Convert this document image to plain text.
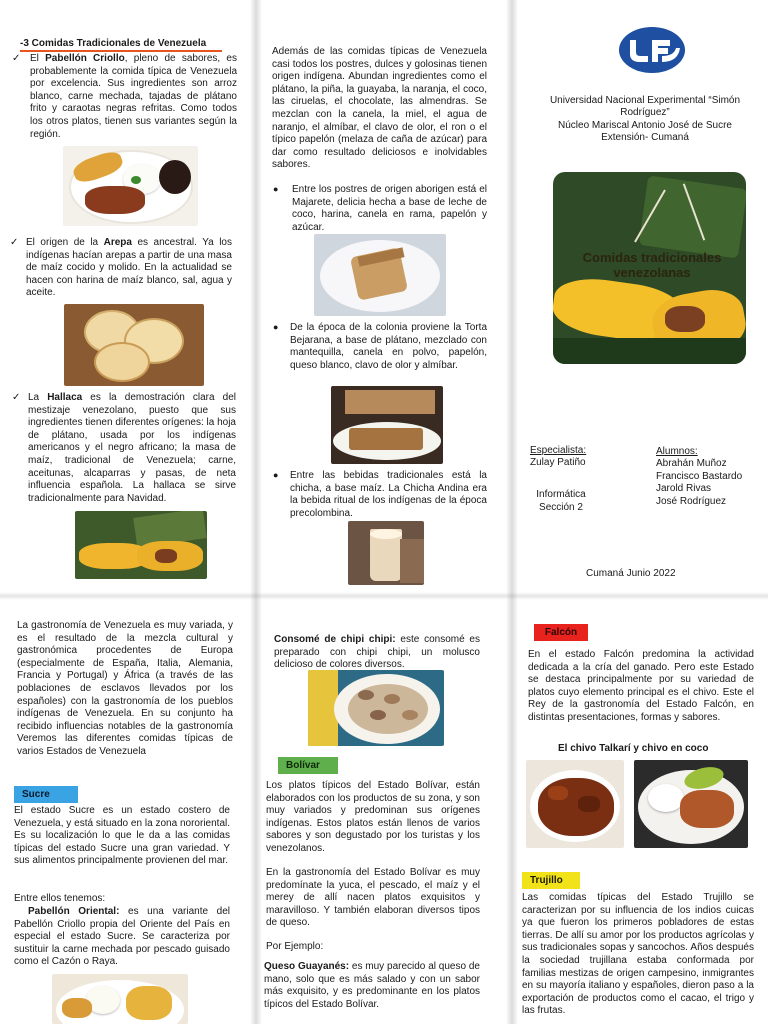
-3 Comidas Tradicionales de Venezuela
✓ El Pabellón Criollo, pleno de sabores, es probablemente la comida típica de Venezuela por excelencia. Sus ingredientes son arroz blanco, carne mechada, tajadas de plátano frito y caraotas negras refritas. Como todos los otros platos, tienen sus variantes según la región.

✓ El origen de la Arepa es ancestral. Ya los indígenas hacían arepas a partir de una masa de maíz cocido y molido. En la actualidad se hacen con harina de maíz blanco, sal, agua y aceite.

✓ La Hallaca es la demostración clara del mestizaje venezolano, puesto que sus ingredientes tienen diferentes orígenes: la hoja de plátano, usada por los indígenas americanos y el negro africano; la masa de maíz, tradicional de Venezuela; carne, aceitunas, alcaparras y pasas, de neta influencia española. La hallaca se sirve tradicionalmente para Navidad.

Además de las comidas típicas de Venezuela casi todos los postres, dulces y golosinas tienen origen indígena. Abundan ingredientes como el plátano, la piña, la guayaba, la naranja, el coco, las ciruelas, el chocolate, las almendras. Se mezclan con la canela, la miel, el agua de naranjo, el almíbar, el clavo de olor, el ron o el típico papelón (melaza de caña de azúcar) para dar como resultado deliciosos e inolvidables sabores.

● Entre los postres de origen aborigen está el Majarete, delicia hecha a base de leche de coco, harina, canela en rama, papelón y azúcar.

● De la época de la colonia proviene la Torta Bejarana, a base de plátano, mezclado con mantequilla, canela en polvo, papelón, queso blanco, clavo de olor y almíbar.

● Entre las bebidas tradicionales está la chicha, a base maíz. La Chicha Andina era la bebida ritual de los indígenas de la época precolombina.

Universidad Nacional Experimental “Simón Rodríguez”
Núcleo Mariscal Antonio José de Sucre
Extensión- Cumaná
Comidas tradicionales venezolanas
Especialista:
Zulay Patiño
Alumnos:
Abrahán Muñoz
Francisco Bastardo
Jarold Rivas
José Rodríguez
Informática
Sección 2
Cumaná Junio 2022

La gastronomía de Venezuela es muy variada, y es el resultado de la mezcla cultural y gastronómica procedentes de Europa (especialmente de España, Italia, Alemania, Francia y Portugal) y África (a través de las poblaciones de esclavos llevados por los españoles) con la gastronomía de los pueblos indígenas de Venezuela. En su conjunto ha recibido influencias notables de la gastronomía Veremos las diferentes comidas típicas de varios Estados de Venezuela

Sucre

El estado Sucre es un estado costero de Venezuela, y está situado en la zona nororiental. Es su localización lo que le da a las comidas típicas del estado Sucre una gran variedad. Y sus alimentos principalmente provienen del mar.

Entre ellos tenemos:

Pabellón Oriental: es una variante del Pabellón Criollo propia del Oriente del País en especial el estado Sucre. Se caracteriza por sustituir la carne mechada por pescado guisado como el Cazón o Raya.

Consomé de chipi chipi: este consomé es preparado con chipi chipi, un molusco delicioso de colores diversos.

Bolívar

Los platos típicos del Estado Bolívar, están elaborados con los productos de su zona, y son muy variados y predominan sus orígenes indígenas. Estos platos están llenos de varios sabores y son degustado por los turistas y los venezolanos.

En la gastronomía del Estado Bolívar es muy predomínate la yuca, el pescado, el maíz y el merey de allí nacen platos exquisitos y maravilloso. Y también elaboran diversos tipos de queso.

Por Ejemplo:

Queso Guayanés: es muy parecido al queso de mano, solo que es más salado y con un sabor más exquisito, y es predominante en los platos típicos del Estado Bolívar.

Falcón

En el estado Falcón predomina la actividad dedicada a la cría del ganado. Pero este Estado se destaca principalmente por su variedad de platos cuyo elemento principal es el chivo. Este el Rey de la gastronomía del Estado Falcón, en distintas presentaciones, formas y sabores.

El chivo Talkarí y chivo en coco
Trujillo

Las comidas típicas del Estado Trujillo se caracterizan por su influencia de los indios cuicas ya que fueron los primeros pobladores de estas tierras. De allí su amor por los productos agrícolas y sus tradicionales sopas y sancochos. Años después la sociedad trujillana estaba conformada por familias mestizas de origen campesino, inmigrantes en su mayoría italiano y españoles, dieron paso a la exportación de productos como el cacao, el trigo y las frutas.
